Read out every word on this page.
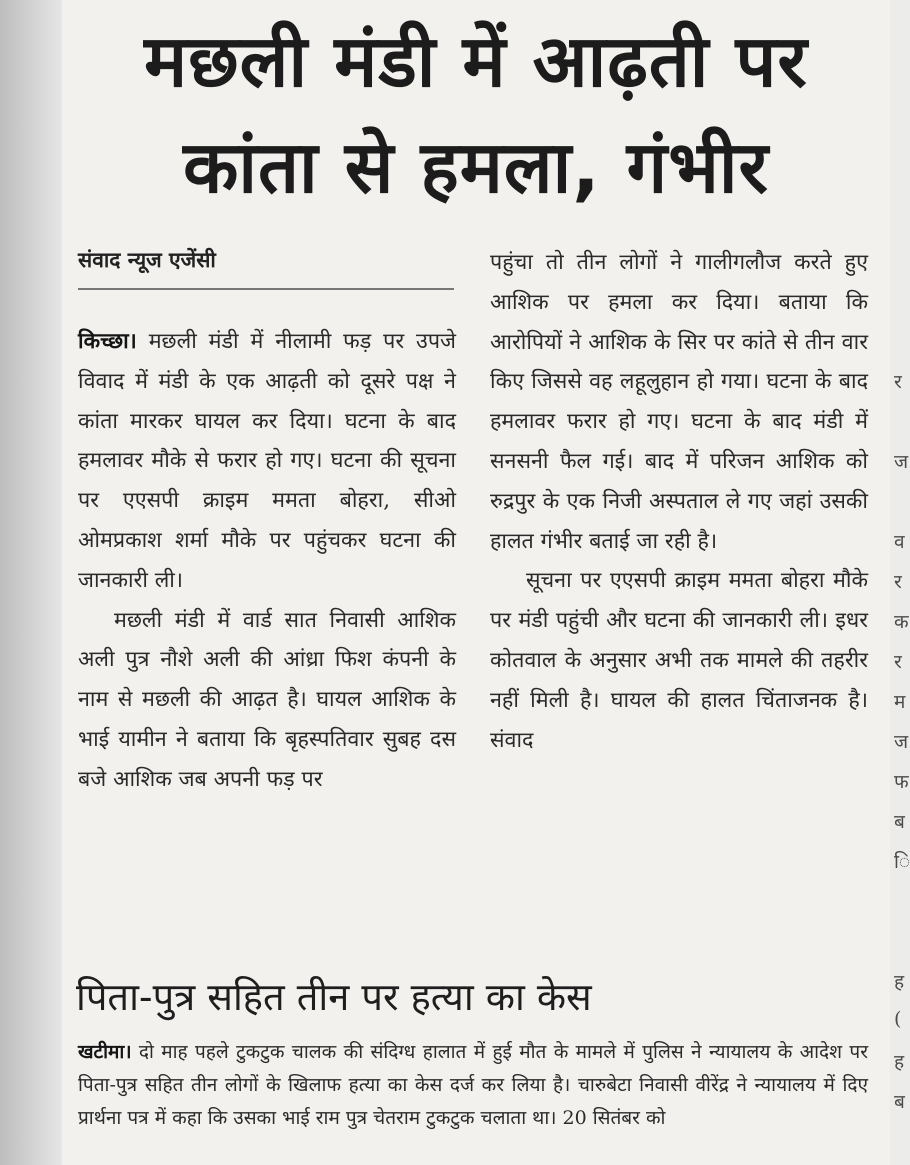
मछली मंडी में आढ़ती पर
कांता से हमला, गंभीर
संवाद न्यूज एजेंसी

किच्छा। मछली मंडी में नीलामी फड़ पर उपजे विवाद में मंडी के एक आढ़ती को दूसरे पक्ष ने कांता मारकर घायल कर दिया। घटना के बाद हमलावर मौके से फरार हो गए। घटना की सूचना पर एएसपी क्राइम ममता बोहरा, सीओ ओमप्रकाश शर्मा मौके पर पहुंचकर घटना की जानकारी ली।

मछली मंडी में वार्ड सात निवासी आशिक अली पुत्र नौशे अली की आंध्रा फिश कंपनी के नाम से मछली की आढ़त है। घायल आशिक के भाई यामीन ने बताया कि बृहस्पतिवार सुबह दस बजे आशिक जब अपनी फड़ पर

पहुंचा तो तीन लोगों ने गालीगलौज करते हुए आशिक पर हमला कर दिया। बताया कि आरोपियों ने आशिक के सिर पर कांते से तीन वार किए जिससे वह लहूलुहान हो गया। घटना के बाद हमलावर फरार हो गए। घटना के बाद मंडी में सनसनी फैल गई। बाद में परिजन आशिक को रुद्रपुर के एक निजी अस्पताल ले गए जहां उसकी हालत गंभीर बताई जा रही है।

सूचना पर एएसपी क्राइम ममता बोहरा मौके पर मंडी पहुंची और घटना की जानकारी ली। इधर कोतवाल के अनुसार अभी तक मामले की तहरीर नहीं मिली है। घायल की हालत चिंताजनक है। संवाद

पिता-पुत्र सहित तीन पर हत्या का केस

खटीमा। दो माह पहले टुकटुक चालक की संदिग्ध हालात में हुई मौत के मामले में पुलिस ने न्यायालय के आदेश पर पिता-पुत्र सहित तीन लोगों के खिलाफ हत्या का केस दर्ज कर लिया है। चारुबेटा निवासी वीरेंद्र ने न्यायालय में दिए प्रार्थना पत्र में कहा कि उसका भाई राम पुत्र चेतराम टुकटुक चलाता था। 20 सितंबर को

र
ज
व
र
क
र
म
ज
फ
ब
ि
ह
(
ह
ब
